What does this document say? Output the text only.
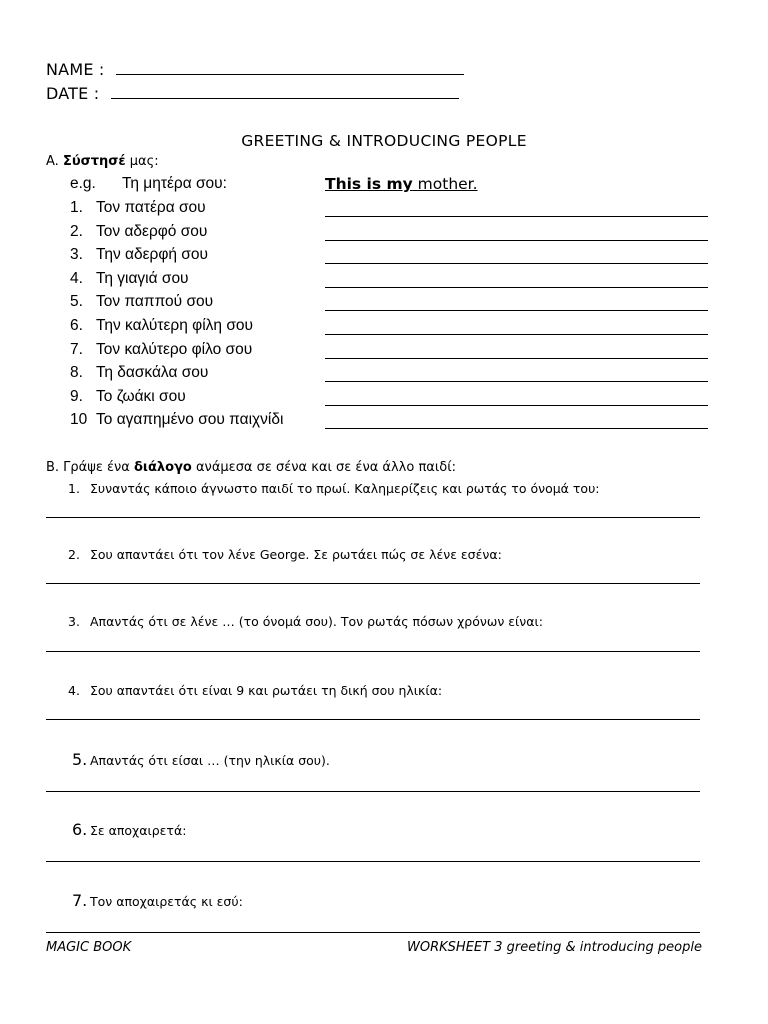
NAME :
DATE :
GREETING & INTRODUCING PEOPLE
A. Σύστησέ μας:
e.g. Τη μητέρα σου:	This is my mother.
1. Τον πατέρα σου
2. Τον αδερφό σου
3. Την αδερφή σου
4. Τη γιαγιά σου
5. Τον παππού σου
6. Την καλύτερη φίλη σου
7. Τον καλύτερο φίλο σου
8. Τη δασκάλα σου
9. Το ζωάκι σου
10 Το αγαπημένο σου παιχνίδι
B. Γράψε ένα διάλογο ανάμεσα σε σένα και σε ένα άλλο παιδί:
1. Συναντάς κάποιο άγνωστο παιδί το πρωί. Καλημερίζεις και ρωτάς το όνομά του:
2. Σου απαντάει ότι τον λένε George. Σε ρωτάει πώς σε λένε εσένα:
3. Απαντάς ότι σε λένε … (το όνομά σου). Τον ρωτάς πόσων χρόνων είναι:
4. Σου απαντάει ότι είναι 9 και ρωτάει τη δική σου ηλικία:
5. Απαντάς ότι είσαι … (την ηλικία σου).
6. Σε αποχαιρετά:
7. Τον αποχαιρετάς κι εσύ:
MAGIC BOOK	WORKSHEET 3 greeting & introducing people
